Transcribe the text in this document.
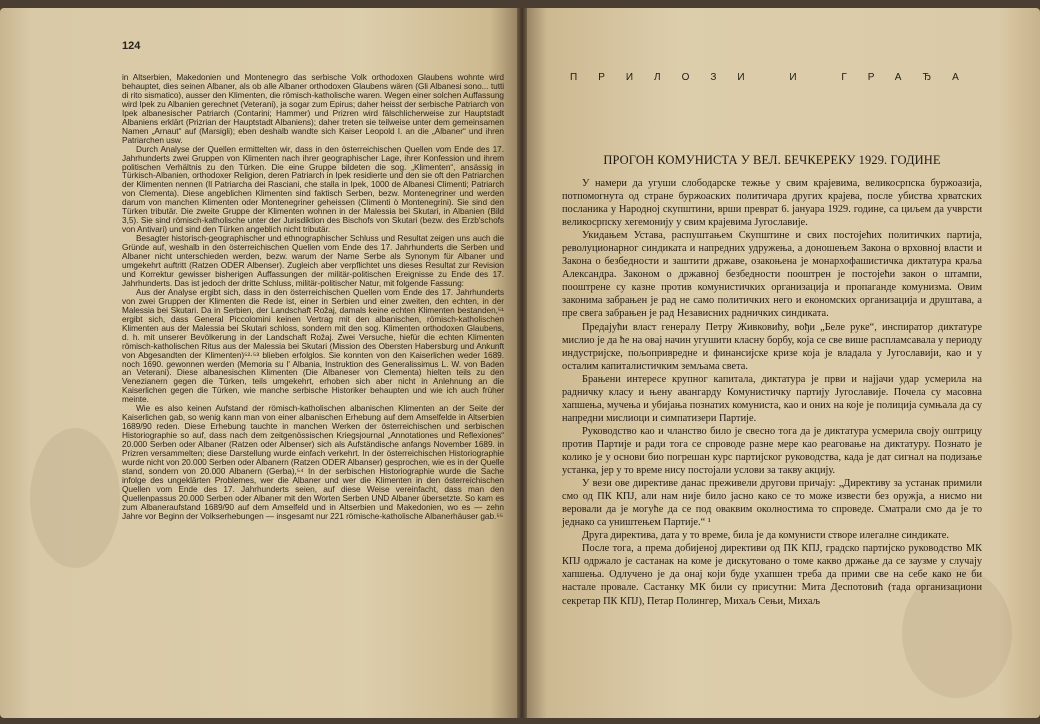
124

in Altserbien, Makedonien und Montenegro das serbische Volk orthodoxen Glaubens wohnte wird behauptet, dies seinen Albaner, als ob alle Albaner orthodoxen Glaubens wären (Gli Albanesi sono... tutti di rito sismatico), ausser den Klimenten, die römisch-katholische waren. Wegen einer solchen Auffassung wird Ipek zu Albanien gerechnet (Veterani), ja sogar zum Epirus; daher heisst der serbische Patriarch von Ipek albanesischer Patriarch (Contarini; Hammer) und Prizren wird fälschlicherweise zur Hauptstadt Albaniens erklärt (Prizrian der Hauptstadt Albaniens); daher treten sie teilweise unter dem gemeinsamen Namen „Arnaut“ auf (Marsigli); eben deshalb wandte sich Kaiser Leopold I. an die „Albaner“ und ihren Patriarchen usw.

Durch Analyse der Quellen ermittelten wir, dass in den österreichischen Quellen vom Ende des 17. Jahrhunderts zwei Gruppen von Klimenten nach ihrer geographischer Lage, ihrer Konfession und ihrem politischen Verhältnis zu den Türken. Die eine Gruppe bildeten die sog. „Klimenten“, ansässig in Türkisch-Albanien, orthodoxer Religion, deren Patriarch in Ipek residierte und den sie oft den Patriarchen der Klimenten nennen (Il Patriarcha dei Rasciani, che stalla in Ipek, 1000 de Albanesi Climenti; Patriarch von Clementa). Diese angeblichen Klimenten sind faktisch Serben, bezw. Montenegriner und werden darum von manchen Klimenten oder Montenegriner geheissen (Climenti ò Montenegrini). Sie sind den Türken tributär. Die zweite Gruppe der Klimenten wohnen in der Malessia bei Skutari, in Albanien (Bild 3,5). Sie sind römisch-katholische unter der Jurisdiktion des Bischofs von Skutari (bezw. des Erzb'schofs von Antivari) und sind den Türken angeblich nicht tributär.

Besagter historisch-geographischer und ethnographischer Schluss und Resultat zeigen uns auch die Gründe auf, weshalb in den österreichischen Quellen vom Ende des 17. Jahrhunderts die Serben und Albaner nicht unterschieden werden, bezw. warum der Name Serbe als Synonym für Albaner und umgekehrt auftritt (Ratzen ODER Albenser). Zugleich aber verpflichtet uns dieses Resultat zur Revision und Korrektur gewisser bisherigen Auffassungen der militär-politischen Ereignisse zu Ende des 17. Jahrhunderts. Das ist jedoch der dritte Schluss, militär-politischer Natur, mit folgende Fassung:

Aus der Analyse ergibt sich, dass in den österreichischen Quellen vom Ende des 17. Jahrhunderts von zwei Gruppen der Klimenten die Rede ist, einer in Serbien und einer zweiten, den echten, in der Malessia bei Skutari. Da in Serbien, der Landschaft Rožaj, damals keine echten Klimenten bestanden,⁵¹ ergibt sich, dass General Piccolomini keinen Vertrag mit den albanischen, römisch-katholischen Klimenten aus der Malessia bei Skutari schloss, sondern mit den sog. Klimenten orthodoxen Glaubens, d. h. mit unserer Bevölkerung in der Landschaft Rožaj. Zwei Versuche, hiefür die echten Klimenten römisch-katholischen Ritus aus der Malessia bei Skutari (Mission des Obersten Habersburg und Ankunft von Abgesandten der Klimenten)⁵²·⁵³ blieben erfolglos. Sie konnten von den Kaiserlichen weder 1689. noch 1690. gewonnen werden (Memoria su l' Albania, Instruktion des Generalissimus L. W. von Baden an Veterani). Diese albanesischen Klimenten (Die Albaneser von Clementa) hielten teils zu den Venezianern gegen die Türken, teils umgekehrt, erhoben sich aber nicht in Anlehnung an die Kaiserlichen gegen die Türken, wie manche serbische Historiker behaupten und wie ich auch früher meinte.

Wie es also keinen Aufstand der römisch-katholischen albanischen Klimenten an der Seite der Kaiserlichen gab, so wenig kann man von einer albanischen Erhebung auf dem Amselfelde in Altserbien 1689/90 reden. Diese Erhebung tauchte in manchen Werken der österreichischen und serbischen Historiographie so auf, dass nach dem zeitgenössischen Kriegsjournal „Annotationes und Reflexiones“ 20.000 Serben oder Albaner (Ratzen oder Albenser) sich als Aufständische anfangs November 1689. in Prizren versammelten; diese Darstellung wurde einfach verkehrt. In der österreichischen Historiographie wurde nicht von 20.000 Serben oder Albanern (Ratzen ODER Albanser) gesprochen, wie es in der Quelle stand, sondern von 20.000 Albanern (Gerba),⁵⁴ In der serbischen Historiographie wurde die Sache infolge des ungeklärten Problemes, wer die Albaner und wer die Klimenten in den österreichischen Quellen vom Ende des 17. Jahrhunderts seien, auf diese Weise vereinfacht, dass man den Quellenpassus 20.000 Serben oder Albaner mit den Worten Serben UND Albaner übersetzte. So kam es zum Albaneraufstand 1689/90 auf dem Amselfeld und in Altserbien und Makedonien, wo es — zehn Jahre vor Beginn der Volkserhebungen — insgesamt nur 221 römische-katholische Albanerhäuser gab.⁵⁵

ПРИЛОЗИ И ГРАЂА
ПРОГОН КОМУНИСТА У ВЕЛ. БЕЧКЕРЕКУ 1929. ГОДИНЕ

У намери да угуши слободарске тежње у свим крајевима, великосрпска буржоазија, потпомогнута од стране буржоаских политичара других крајева, после убиства хрватских посланика у Народној скупштини, врши преврат 6. јануара 1929. године, са циљем да учврсти великосрпску хегемонију у свим крајевима Југославије.

Укидањем Устава, распуштањем Скупштине и свих постојећих политичких партија, револуционарног синдиката и напредних удружења, а доношењем Закона о врховној власти и Закона о безбедности и заштити државе, озакоњена је монархофашистичка диктатура краља Александра. Законом о државној безбедности пооштрен је постојећи закон о штампи, пооштрене су казне против комунистичких организација и пропаганде комунизма. Овим законима забрањен је рад не само политичких него и економских организација и друштава, а пре свега забрањен је рад Независних радничких синдиката.

Предајући власт генералу Петру Живковићу, вођи „Беле руке“, инспиратор диктатуре мислио је да ће на овај начин угушити класну борбу, која се све више распламсавала у периоду индустријске, пољопривредне и финансијске кризе која је владала у Југославији, као и у осталим капиталистичким земљама света.

Брањени интересе крупног капитала, диктатура је први и најјачи удар усмерила на радничку класу и њену авангарду Комунистичку партију Југославије. Почела су масовна хапшења, мучења и убијања познатих комуниста, као и оних на које је полиција сумњала да су напредни мислиоци и симпатизери Партије.

Руководство као и чланство било је свесно тога да је диктатура усмерила своју оштрицу против Партије и ради тога се спроводе разне мере као реаговање на диктатуру. Познато је колико је у основи био погрешан курс партијског руководства, када је дат сигнал на подизање устанка, јер у то време нису постојали услови за такву акцију.

У вези ове директиве данас преживели другови причају: „Директиву за устанак примили смо од ПК КПЈ, али нам није било јасно како се то може извести без оружја, а нисмо ни веровали да је могуће да се под оваквим околностима то спроведе. Сматрали смо да је то једнако са уништењем Партије.“ ¹

Друга директива, дата у то време, била је да комунисти створе илегалне синдикате.

После тога, а према добијеној директиви од ПК КПЈ, градско партијско руководство МК КПЈ одржало је састанак на коме је дискутовано о томе какво држање да се заузме у случају хапшења. Одлучено је да онај који буде ухапшен треба да прими све на себе како не би настале провале. Састанку МК били су присутни: Мита Деспотовић (тада организациони секретар ПК КПЈ), Петар Полингер, Михаљ Сењи, Михаљ
